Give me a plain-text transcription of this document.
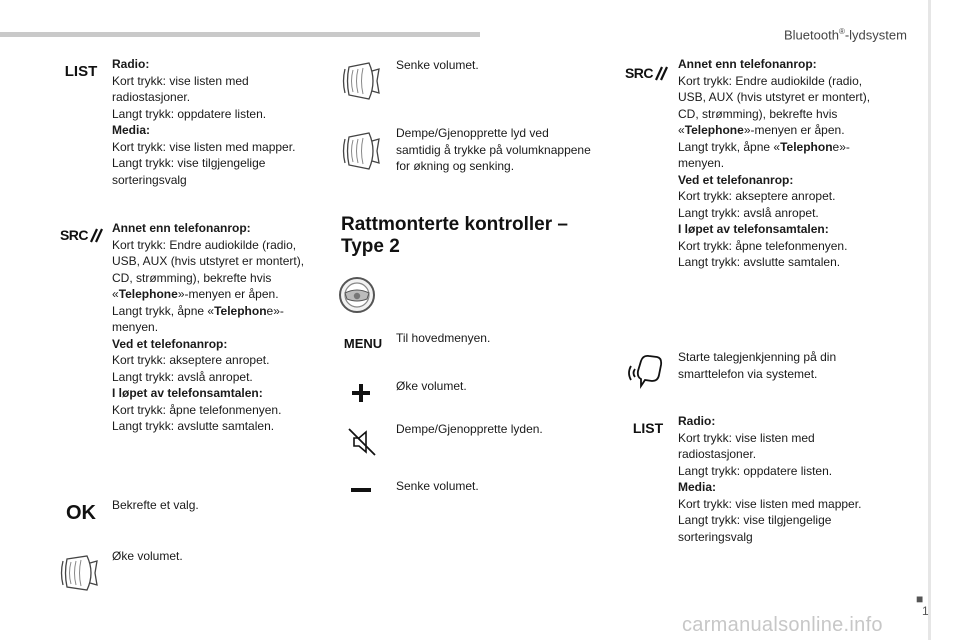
Bluetooth®-lydsystem
LIST	Radio:
Kort trykk: vise listen med
radiostasjoner.
Langt trykk: oppdatere listen.
Media:
Kort trykk: vise listen med mapper.
Langt trykk: vise tilgjengelige
sorteringsvalg
SRC Annet enn telefonanrop:
Kort trykk: Endre audiokilde (radio,
USB, AUX (hvis utstyret er montert),
CD, strømming), bekrefte hvis
«Telephone»-menyen er åpen.
Langt trykk, åpne «Telephone»-
menyen.
Ved et telefonanrop:
Kort trykk: akseptere anropet.
Langt trykk: avslå anropet.
I løpet av telefonsamtalen:
Kort trykk: åpne telefonmenyen.
Langt trykk: avslutte samtalen.
OK	Bekrefte et valg.
Øke volumet.
Senke volumet.
Dempe/Gjenopprette lyd ved
samtidig å trykke på volumknappene
for økning og senking.
Rattmonterte kontroller –
Type 2
MENU	Til hovedmenyen.
Øke volumet.
Dempe/Gjenopprette lyden.
Senke volumet.
SRC
Annet enn telefonanrop:
Kort trykk: Endre audiokilde (radio,
USB, AUX (hvis utstyret er montert),
CD, strømming), bekrefte hvis
«Telephone»-menyen er åpen.
Langt trykk, åpne «Telephone»-
menyen.
Ved et telefonanrop:
Kort trykk: akseptere anropet.
Langt trykk: avslå anropet.
I løpet av telefonsamtalen:
Kort trykk: åpne telefonmenyen.
Langt trykk: avslutte samtalen.
Starte talegjenkjenning på din
smarttelefon via systemet.
LIST	Radio:
Kort trykk: vise listen med
radiostasjoner.
Langt trykk: oppdatere listen.
Media:
Kort trykk: vise listen med mapper.
Langt trykk: vise tilgjengelige
sorteringsvalg
■
1
carmanualsonline.info
